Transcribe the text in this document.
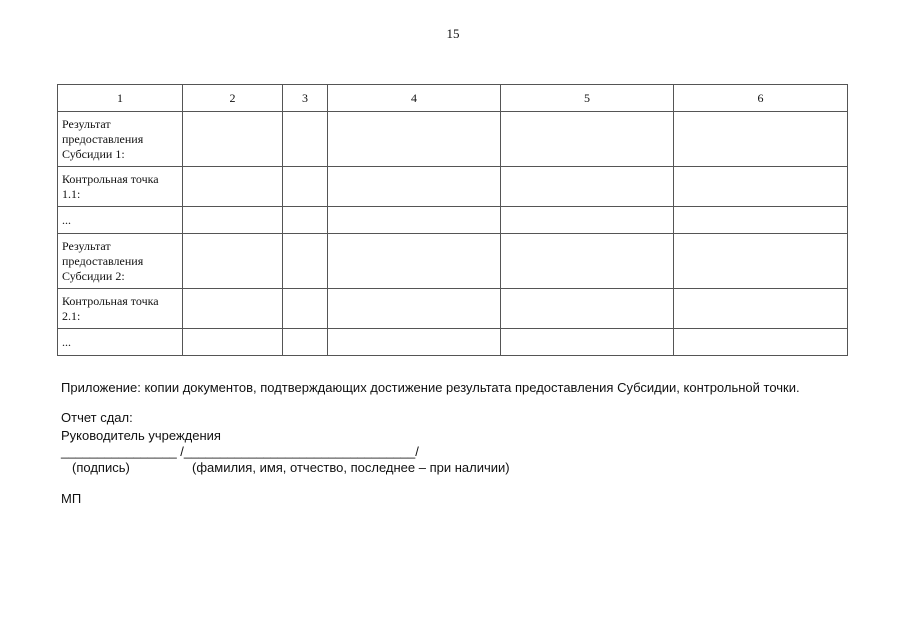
15
1	2	3	4	5	6
Результат предоставления Субсидии 1:					
Контрольная точка 1.1:					
...					
Результат предоставления Субсидии 2:					
Контрольная точка 2.1:					
...					
Приложение: копии документов, подтверждающих достижение результата предоставления Субсидии, контрольной точки.
Отчет сдал:
Руководитель учреждения
________________ /________________________________/
(подпись)	(фамилия, имя, отчество, последнее – при наличии)
МП
